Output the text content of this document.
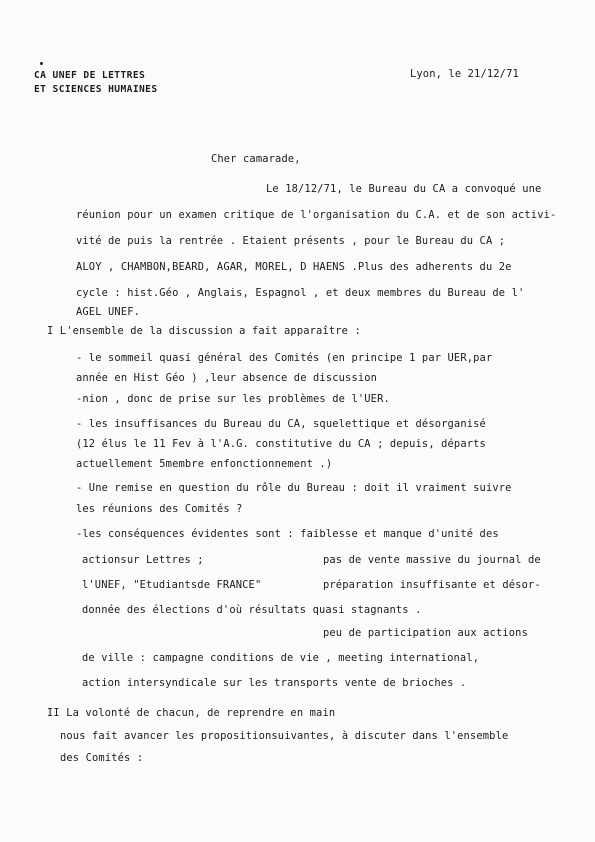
CA UNEF DE LETTRES
ET SCIENCES HUMAINES
Lyon, le 21/12/71
Cher camarade,
Le 18/12/71, le Bureau du CA a convoqué une
réunion pour un examen critique de l'organisation du C.A. et de son activi-
vité de puis la rentrée . Etaient présents , pour le Bureau du CA ;
ALOY , CHAMBON,BEARD, AGAR, MOREL, D HAENS .Plus des adherents du 2e
cycle : hist.Géo , Anglais, Espagnol , et deux membres du Bureau de l'
AGEL UNEF.
I L'ensemble de la discussion a fait apparaître :
- le sommeil quasi général des Comités (en principe 1 par UER,par
année en Hist Géo ) ,leur absence de discussion
-nion , donc de prise sur les problèmes de l'UER.
- les insuffisances du Bureau du CA, squelettique et désorganisé
(12 élus le 11 Fev à l'A.G. constitutive du CA ; depuis, départs
actuellement 5membre enfonctionnement .)
- Une remise en question du rôle du Bureau : doit il vraiment suivre
les réunions des Comités ?
-les conséquences évidentes sont : faiblesse et manque d'unité des
actionsur Lettres ;	pas de vente massive du journal de
l'UNEF, "Etudiantsde FRANCE"	préparation insuffisante et désor-
donnée des élections d'où résultats quasi stagnants .
peu de participation aux actions
de ville : campagne conditions de vie , meeting international,
action intersyndicale sur les transports vente de brioches .
II La volonté de chacun, de reprendre en main
nous fait avancer les propositionsuivantes, à discuter dans l'ensemble
des Comités :
